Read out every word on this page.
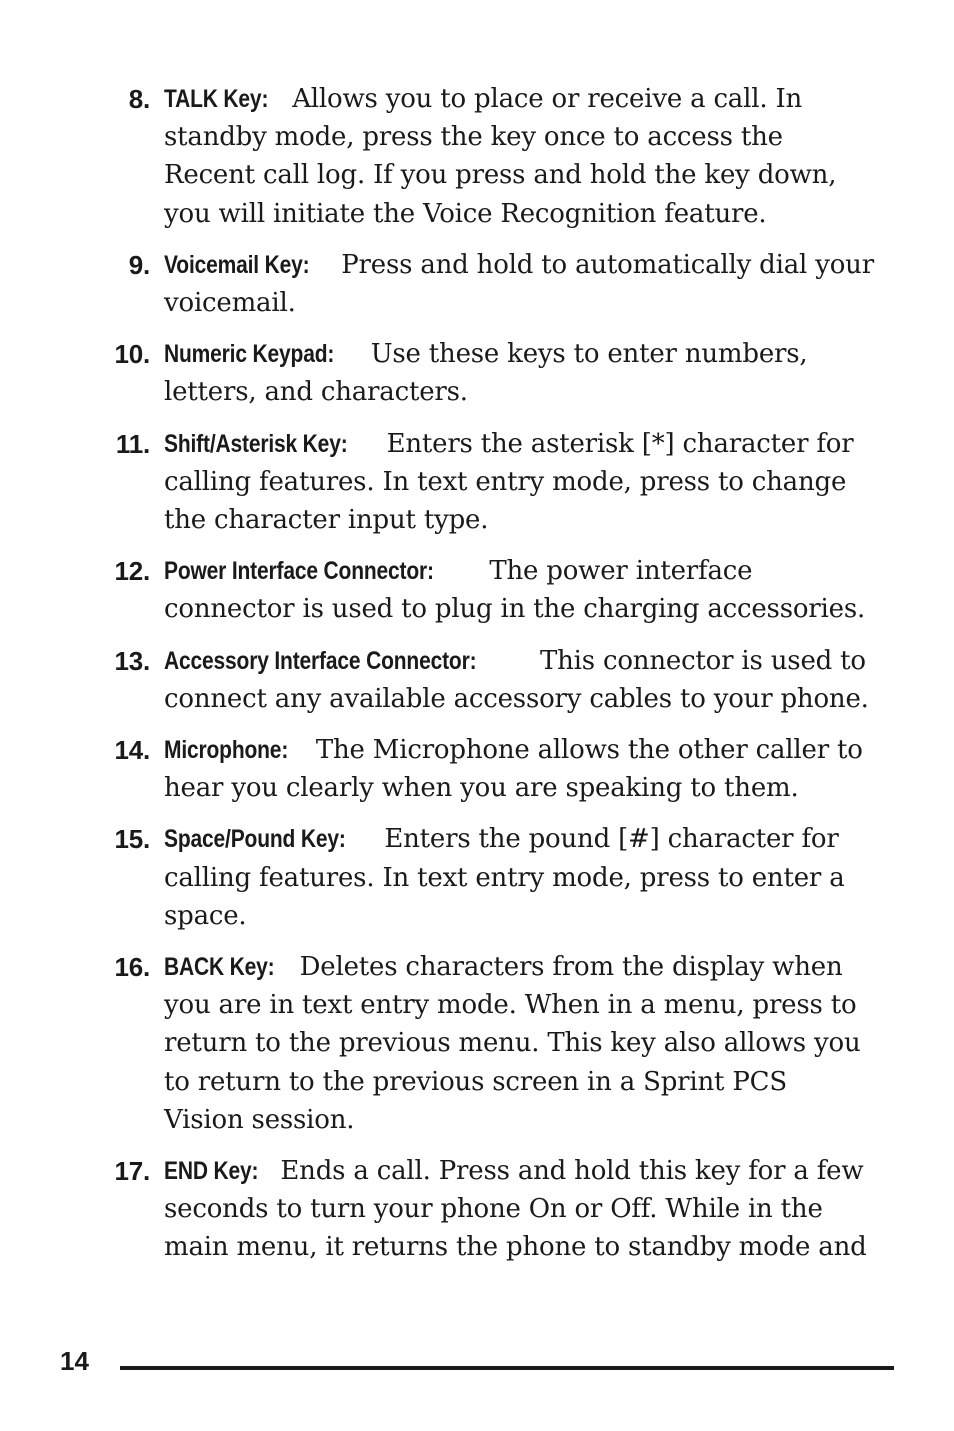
8. TALK Key: Allows you to place or receive a call. In standby mode, press the key once to access the Recent call log. If you press and hold the key down, you will initiate the Voice Recognition feature.
9. Voicemail Key: Press and hold to automatically dial your voicemail.
10. Numeric Keypad: Use these keys to enter numbers, letters, and characters.
11. Shift/Asterisk Key: Enters the asterisk [*] character for calling features. In text entry mode, press to change the character input type.
12. Power Interface Connector: The power interface connector is used to plug in the charging accessories.
13. Accessory Interface Connector: This connector is used to connect any available accessory cables to your phone.
14. Microphone: The Microphone allows the other caller to hear you clearly when you are speaking to them.
15. Space/Pound Key: Enters the pound [#] character for calling features. In text entry mode, press to enter a space.
16. BACK Key: Deletes characters from the display when you are in text entry mode. When in a menu, press to return to the previous menu. This key also allows you to return to the previous screen in a Sprint PCS Vision session.
17. END Key: Ends a call. Press and hold this key for a few seconds to turn your phone On or Off. While in the main menu, it returns the phone to standby mode and
14
